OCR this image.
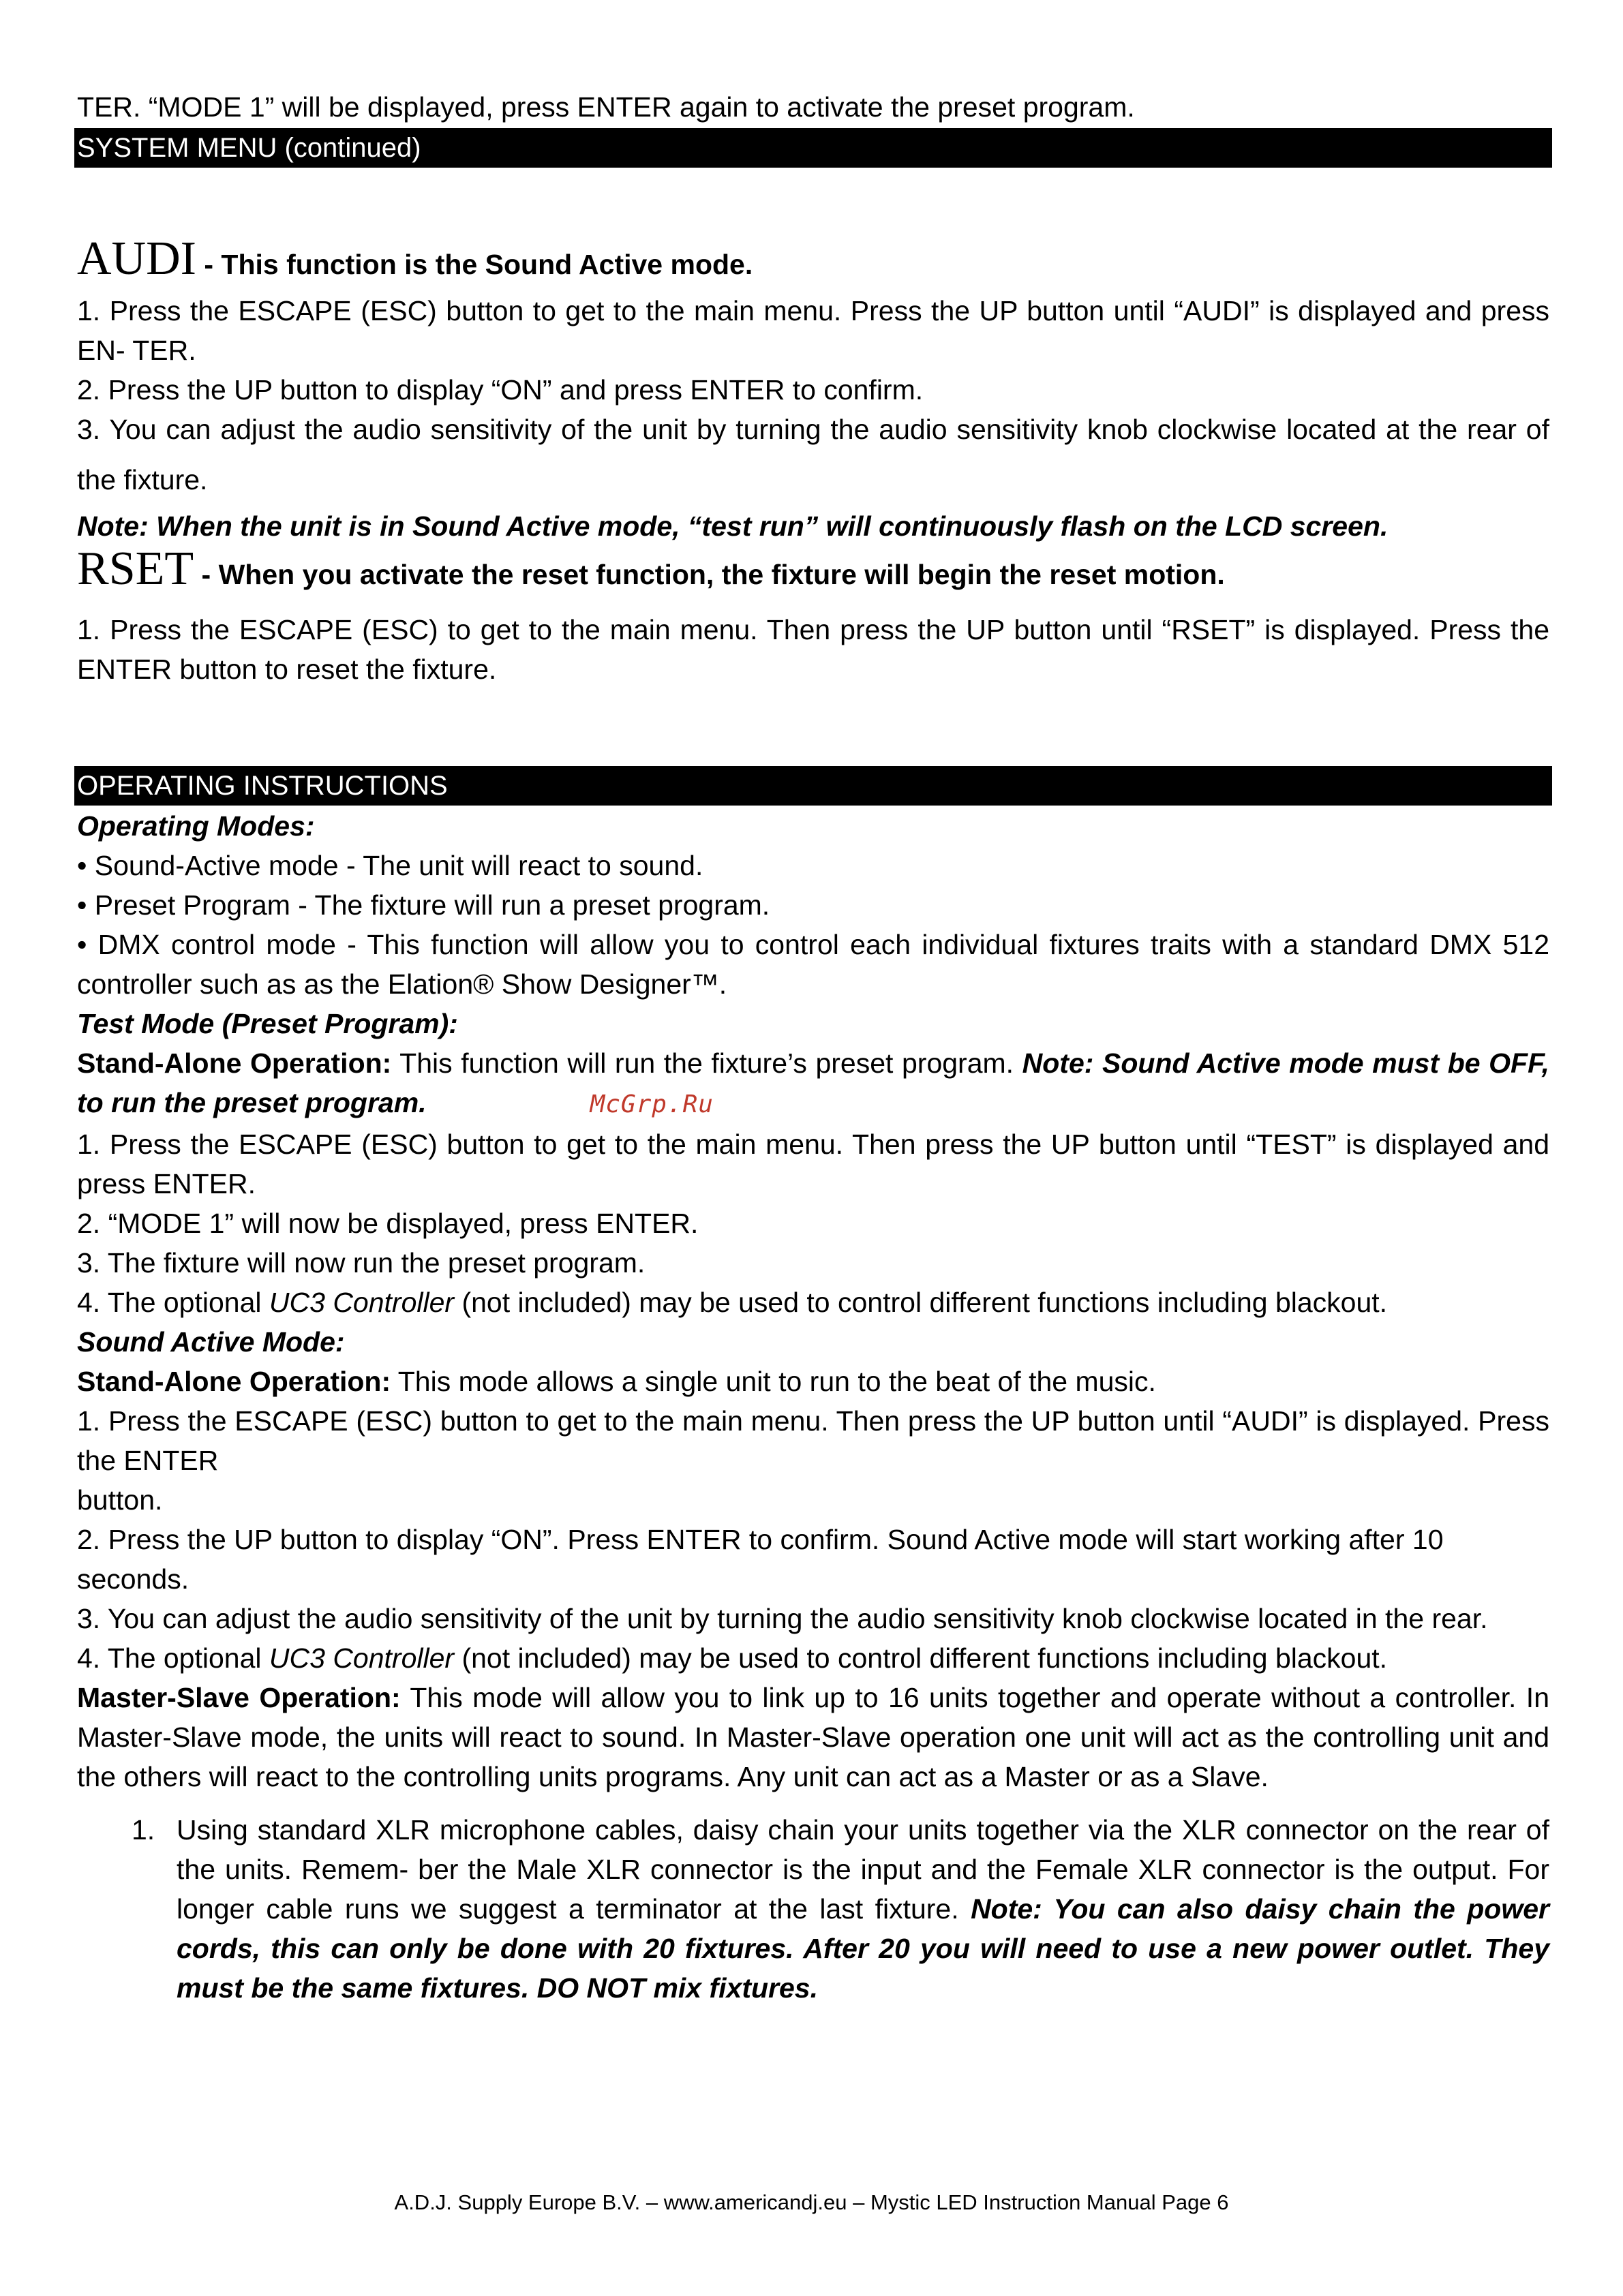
TER. “MODE 1” will be displayed, press ENTER again to activate the preset program.

SYSTEM MENU (continued)

AUDI - This function is the Sound Active mode.

1. Press the ESCAPE (ESC) button to get to the main menu. Press the UP button until “AUDI” is displayed and press EN- TER.

2. Press the UP button to display “ON” and press ENTER to confirm.

3. You can adjust the audio sensitivity of the unit by turning the audio sensitivity knob clockwise located at the rear of the fixture.

Note: When the unit is in Sound Active mode, “test run” will continuously flash on the LCD screen.

RSET - When you activate the reset function, the fixture will begin the reset motion.

1. Press the ESCAPE (ESC) to get to the main menu. Then press the UP button until “RSET” is displayed. Press the ENTER button to reset the fixture.

OPERATING INSTRUCTIONS

Operating Modes:

• Sound-Active mode - The unit will react to sound.

• Preset Program - The fixture will run a preset program.

• DMX control mode - This function will allow you to control each individual fixtures traits with a standard DMX 512 controller such as as the Elation® Show Designer™.

Test Mode (Preset Program):

Stand-Alone Operation: This function will run the fixture’s preset program. Note: Sound Active mode must be OFF, to run the preset program.	McGrp.Ru

1. Press the ESCAPE (ESC) button to get to the main menu. Then press the UP button until “TEST” is displayed and press ENTER.

2. “MODE 1” will now be displayed, press ENTER.

3. The fixture will now run the preset program.

4. The optional UC3 Controller (not included) may be used to control different functions including blackout.

Sound Active Mode:

Stand-Alone Operation: This mode allows a single unit to run to the beat of the music.

1. Press the ESCAPE (ESC) button to get to the main menu. Then press the UP button until “AUDI” is displayed. Press the ENTER

button.

2. Press the UP button to display “ON”. Press ENTER to confirm. Sound Active mode will start working after 10 seconds.

3. You can adjust the audio sensitivity of the unit by turning the audio sensitivity knob clockwise located in the rear.

4. The optional UC3 Controller (not included) may be used to control different functions including blackout.

Master-Slave Operation: This mode will allow you to link up to 16 units together and operate without a controller. In Master-Slave mode, the units will react to sound. In Master-Slave operation one unit will act as the controlling unit and the others will react to the controlling units programs. Any unit can act as a Master or as a Slave.

1. Using standard XLR microphone cables, daisy chain your units together via the XLR connector on the rear of the units. Remem- ber the Male XLR connector is the input and the Female XLR connector is the output. For longer cable runs we suggest a terminator at the last fixture. Note: You can also daisy chain the power cords, this can only be done with 20 fixtures. After 20 you will need to use a new power outlet. They must be the same fixtures. DO NOT mix fixtures.

A.D.J. Supply Europe B.V. – www.americandj.eu – Mystic LED Instruction Manual Page 6
